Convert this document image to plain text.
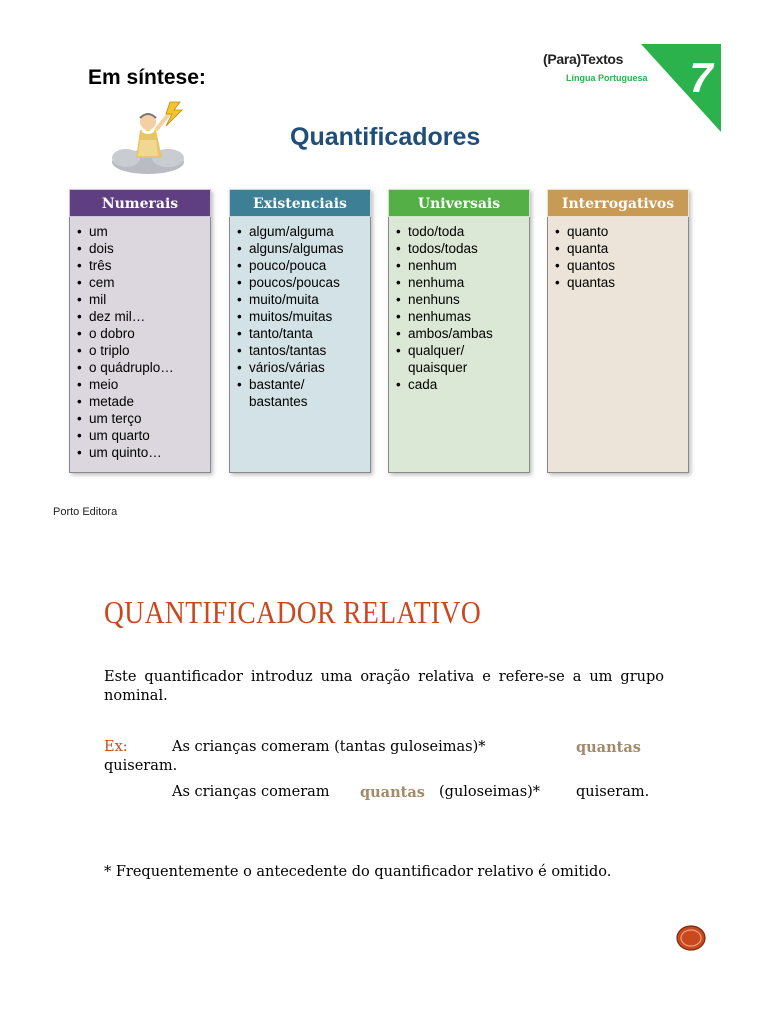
Em síntese:	7
(Para)Textos
Língua Portuguesa
Quantificadores
Numerais
• um
• dois
• três
• cem
• mil
• dez mil…
• o dobro
• o triplo
• o quádruplo…
• meio
• metade
• um terço
• um quarto
• um quinto…
Existenciais
• algum/alguma
• alguns/algumas
• pouco/pouca
• poucos/poucas
• muito/muita
• muitos/muitas
• tanto/tanta
• tantos/tantas
• vários/várias
• bastante/
bastantes
Universais
• todo/toda
• todos/todas
• nenhum
• nenhuma
• nenhuns
• nenhumas
• ambos/ambas
• qualquer/
quaisquer
• cada
Interrogativos
• quanto
• quanta
• quantos
• quantas
Porto Editora
QUANTIFICADOR RELATIVO
Este quantificador introduz uma oração relativa e refere-se a um grupo nominal.
Ex:	As crianças comeram (tantas guloseimas)*	quantas
quiseram.
As crianças comeram quantas (guloseimas)* quiseram.
* Frequentemente o antecedente do quantificador relativo é omitido.
